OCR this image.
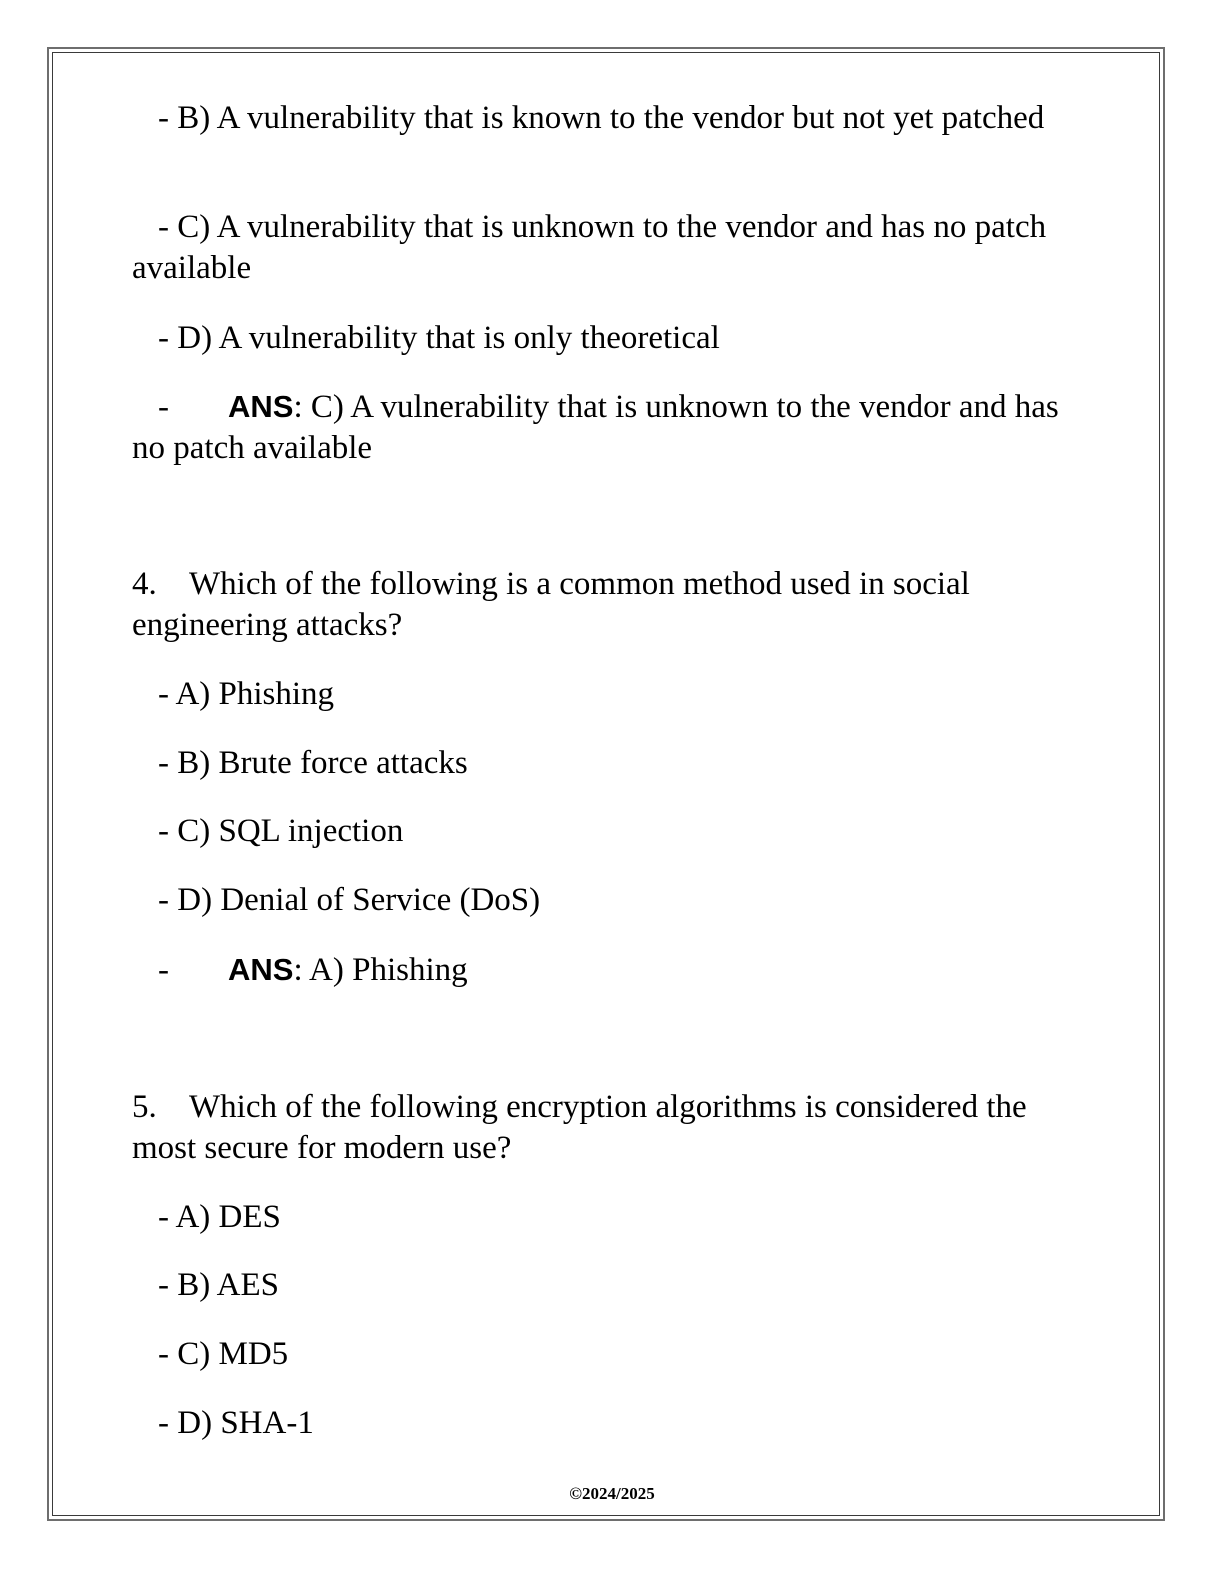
- B) A vulnerability that is known to the vendor but not yet patched
- C) A vulnerability that is unknown to the vendor and has no patch available
- D) A vulnerability that is only theoretical
- ANS: C) A vulnerability that is unknown to the vendor and has no patch available
4. Which of the following is a common method used in social engineering attacks?
- A) Phishing
- B) Brute force attacks
- C) SQL injection
- D) Denial of Service (DoS)
- ANS: A) Phishing
5. Which of the following encryption algorithms is considered the most secure for modern use?
- A) DES
- B) AES
- C) MD5
- D) SHA-1
©2024/2025
